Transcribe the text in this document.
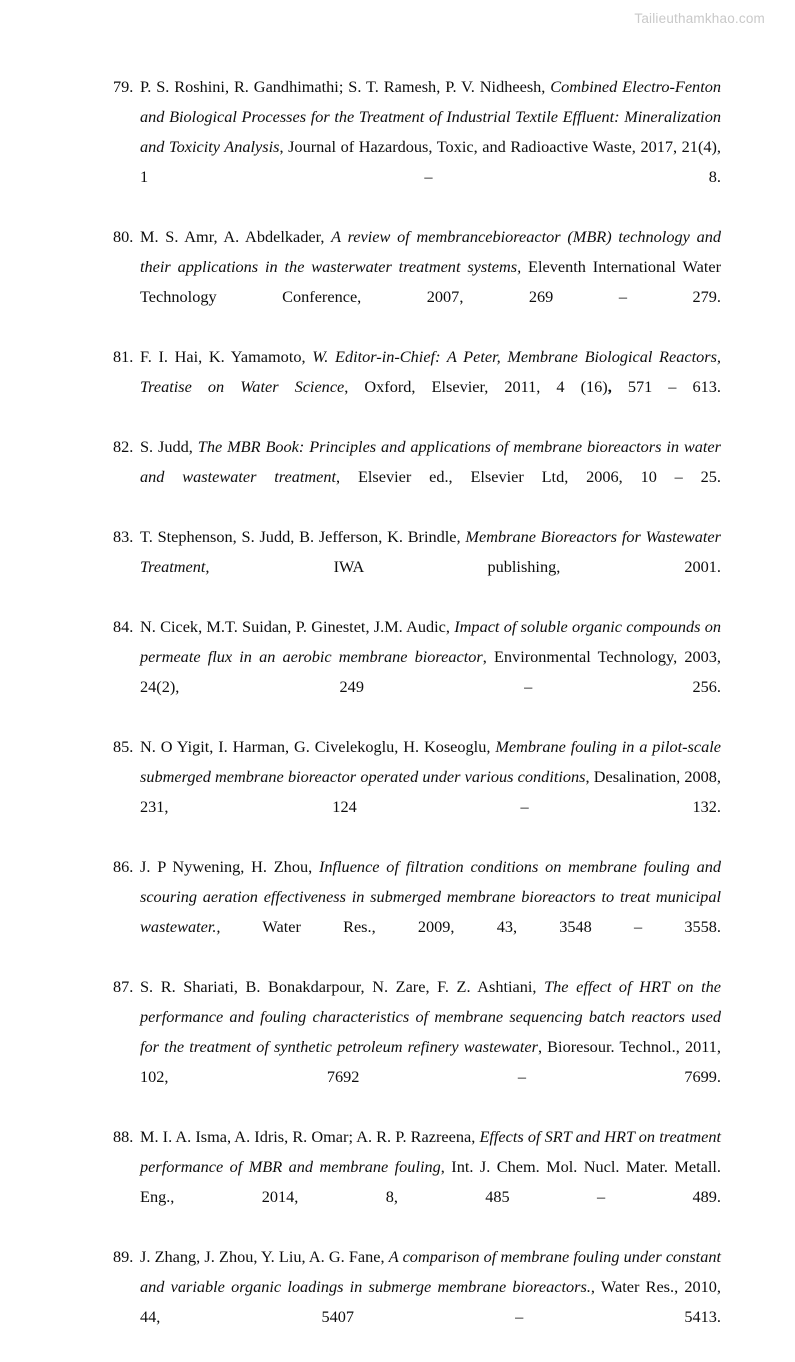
Tailieuthamkhao.com
79. P. S. Roshini, R. Gandhimathi; S. T. Ramesh, P. V. Nidheesh, Combined Electro-Fenton and Biological Processes for the Treatment of Industrial Textile Effluent: Mineralization and Toxicity Analysis, Journal of Hazardous, Toxic, and Radioactive Waste, 2017, 21(4), 1 – 8.
80. M. S. Amr, A. Abdelkader, A review of membrancebioreactor (MBR) technology and their applications in the wasterwater treatment systems, Eleventh International Water Technology Conference, 2007, 269 – 279.
81. F. I. Hai, K. Yamamoto, W. Editor-in-Chief: A Peter, Membrane Biological Reactors, Treatise on Water Science, Oxford, Elsevier, 2011, 4 (16), 571 – 613.
82. S. Judd, The MBR Book: Principles and applications of membrane bioreactors in water and wastewater treatment, Elsevier ed., Elsevier Ltd, 2006, 10 – 25.
83. T. Stephenson, S. Judd, B. Jefferson, K. Brindle, Membrane Bioreactors for Wastewater Treatment, IWA publishing, 2001.
84. N. Cicek, M.T. Suidan, P. Ginestet, J.M. Audic, Impact of soluble organic compounds on permeate flux in an aerobic membrane bioreactor, Environmental Technology, 2003, 24(2), 249 – 256.
85. N. O Yigit, I. Harman, G. Civelekoglu, H. Koseoglu, Membrane fouling in a pilot-scale submerged membrane bioreactor operated under various conditions, Desalination, 2008, 231, 124 – 132.
86. J. P Nywening, H. Zhou, Influence of filtration conditions on membrane fouling and scouring aeration effectiveness in submerged membrane bioreactors to treat municipal wastewater., Water Res., 2009, 43, 3548 – 3558.
87. S. R. Shariati, B. Bonakdarpour, N. Zare, F. Z. Ashtiani, The effect of HRT on the performance and fouling characteristics of membrane sequencing batch reactors used for the treatment of synthetic petroleum refinery wastewater, Bioresour. Technol., 2011, 102, 7692 – 7699.
88. M. I. A. Isma, A. Idris, R. Omar; A. R. P. Razreena, Effects of SRT and HRT on treatment performance of MBR and membrane fouling, Int. J. Chem. Mol. Nucl. Mater. Metall. Eng., 2014, 8, 485 – 489.
89. J. Zhang, J. Zhou, Y. Liu, A. G. Fane, A comparison of membrane fouling under constant and variable organic loadings in submerge membrane bioreactors., Water Res., 2010, 44, 5407 – 5413.
